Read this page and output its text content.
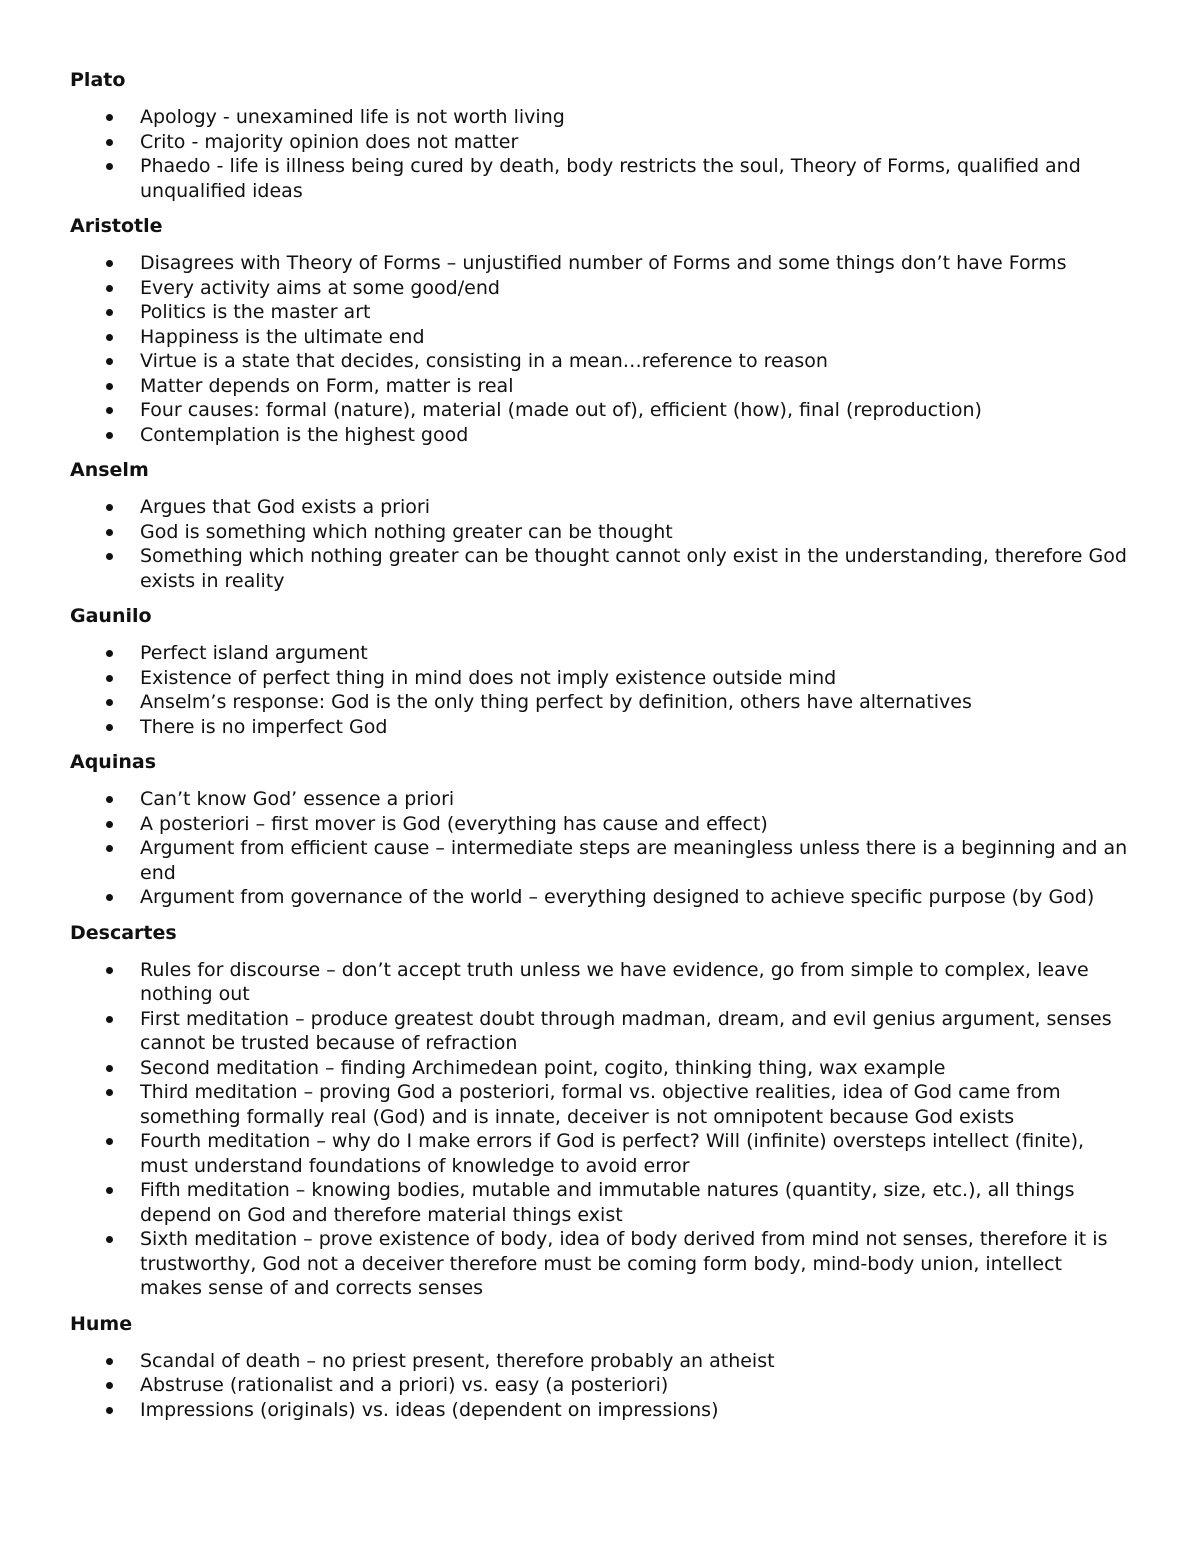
Plato
Apology - unexamined life is not worth living
Crito - majority opinion does not matter
Phaedo - life is illness being cured by death, body restricts the soul, Theory of Forms, qualified and unqualified ideas
Aristotle
Disagrees with Theory of Forms – unjustified number of Forms and some things don’t have Forms
Every activity aims at some good/end
Politics is the master art
Happiness is the ultimate end
Virtue is a state that decides, consisting in a mean…reference to reason
Matter depends on Form, matter is real
Four causes: formal (nature), material (made out of), efficient (how), final (reproduction)
Contemplation is the highest good
Anselm
Argues that God exists a priori
God is something which nothing greater can be thought
Something which nothing greater can be thought cannot only exist in the understanding, therefore God exists in reality
Gaunilo
Perfect island argument
Existence of perfect thing in mind does not imply existence outside mind
Anselm’s response: God is the only thing perfect by definition, others have alternatives
There is no imperfect God
Aquinas
Can’t know God’ essence a priori
A posteriori – first mover is God (everything has cause and effect)
Argument from efficient cause – intermediate steps are meaningless unless there is a beginning and an end
Argument from governance of the world – everything designed to achieve specific purpose (by God)
Descartes
Rules for discourse – don’t accept truth unless we have evidence, go from simple to complex, leave nothing out
First meditation – produce greatest doubt through madman, dream, and evil genius argument, senses cannot be trusted because of refraction
Second meditation – finding Archimedean point, cogito, thinking thing, wax example
Third meditation – proving God a posteriori, formal vs. objective realities, idea of God came from something formally real (God) and is innate, deceiver is not omnipotent because God exists
Fourth meditation – why do I make errors if God is perfect? Will (infinite) oversteps intellect (finite), must understand foundations of knowledge to avoid error
Fifth meditation – knowing bodies, mutable and immutable natures (quantity, size, etc.), all things depend on God and therefore material things exist
Sixth meditation – prove existence of body, idea of body derived from mind not senses, therefore it is trustworthy, God not a deceiver therefore must be coming form body, mind-body union, intellect makes sense of and corrects senses
Hume
Scandal of death – no priest present, therefore probably an atheist
Abstruse (rationalist and a priori) vs. easy (a posteriori)
Impressions (originals) vs. ideas (dependent on impressions)
